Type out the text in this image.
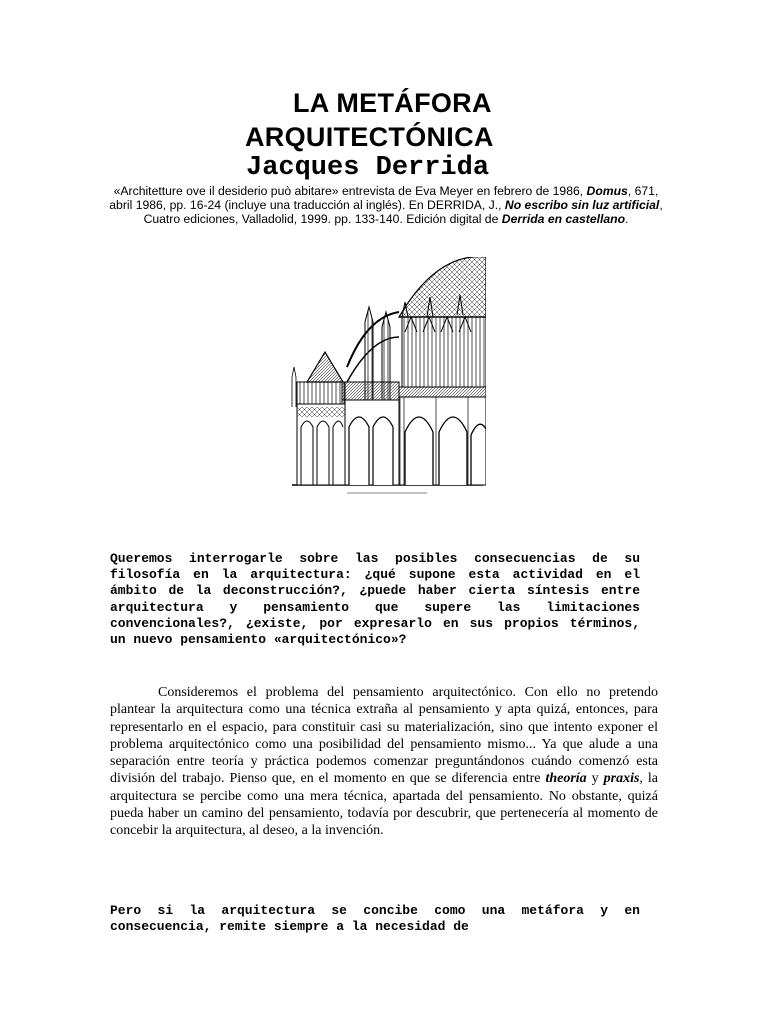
LA METÁFORA
ARQUITECTÓNICA
Jacques Derrida
«Architetture ove il desiderio può abitare» entrevista de Eva Meyer en febrero de 1986, Domus, 671, abril 1986, pp. 16-24 (incluye una traducción al inglés). En DERRIDA, J., No escribo sin luz artificial, Cuatro ediciones, Valladolid, 1999. pp. 133-140. Edición digital de Derrida en castellano.

Queremos interrogarle sobre las posibles consecuencias de su filosofía en la arquitectura: ¿qué supone esta actividad en el ámbito de la deconstrucción?, ¿puede haber cierta síntesis entre arquitectura y pensamiento que supere las limitaciones convencionales?, ¿existe, por expresarlo en sus propios términos, un nuevo pensamiento «arquitectónico»?

Consideremos el problema del pensamiento arquitectónico. Con ello no pretendo plantear la arquitectura como una técnica extraña al pensamiento y apta quizá, entonces, para representarlo en el espacio, para constituir casi su materialización, sino que intento exponer el problema arquitectónico como una posibilidad del pensamiento mismo... Ya que alude a una separación entre teoría y práctica podemos comenzar preguntándonos cuándo comenzó esta división del trabajo. Pienso que, en el momento en que se diferencia entre theoría y praxis, la arquitectura se percibe como una mera técnica, apartada del pensamiento. No obstante, quizá pueda haber un camino del pensamiento, todavía por descubrir, que pertenecería al momento de concebir la arquitectura, al deseo, a la invención.

Pero si la arquitectura se concibe como una metáfora y en consecuencia, remite siempre a la necesidad de
